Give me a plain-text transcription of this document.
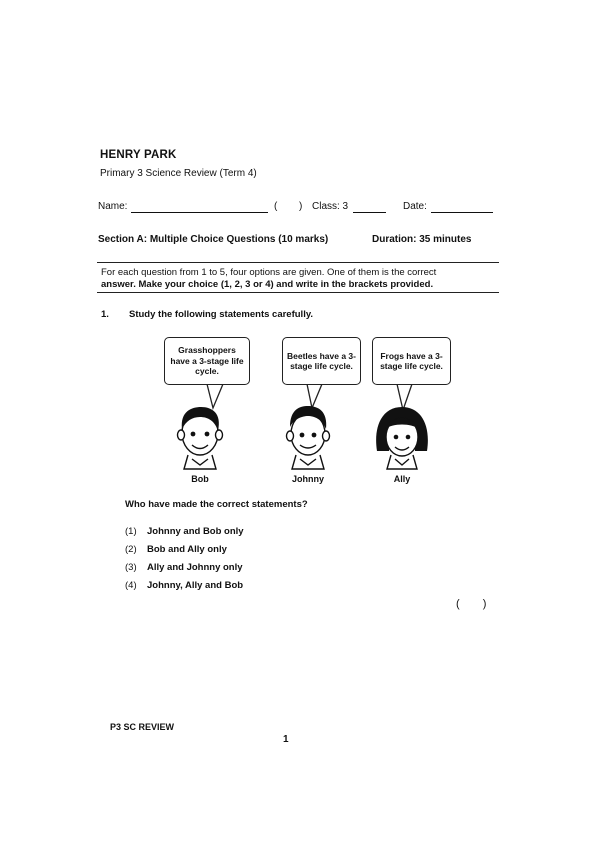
HENRY PARK
Primary 3 Science Review (Term 4)
Name:	( ) Class: 3	Date:
Section A: Multiple Choice Questions (10 marks)	Duration: 35 minutes
For each question from 1 to 5, four options are given. One of them is the correct
answer. Make your choice (1, 2, 3 or 4) and write in the brackets provided.
1. Study the following statements carefully.
Grasshoppers have a 3-stage life cycle.
Beetles have a 3-stage life cycle.
Frogs have a 3-stage life cycle.
Bob	Johnny	Ally
Who have made the correct statements?
(1) Johnny and Bob only
(2) Bob and Ally only
(3) Ally and Johnny only
(4) Johnny, Ally and Bob
( )
P3 SC REVIEW
1
